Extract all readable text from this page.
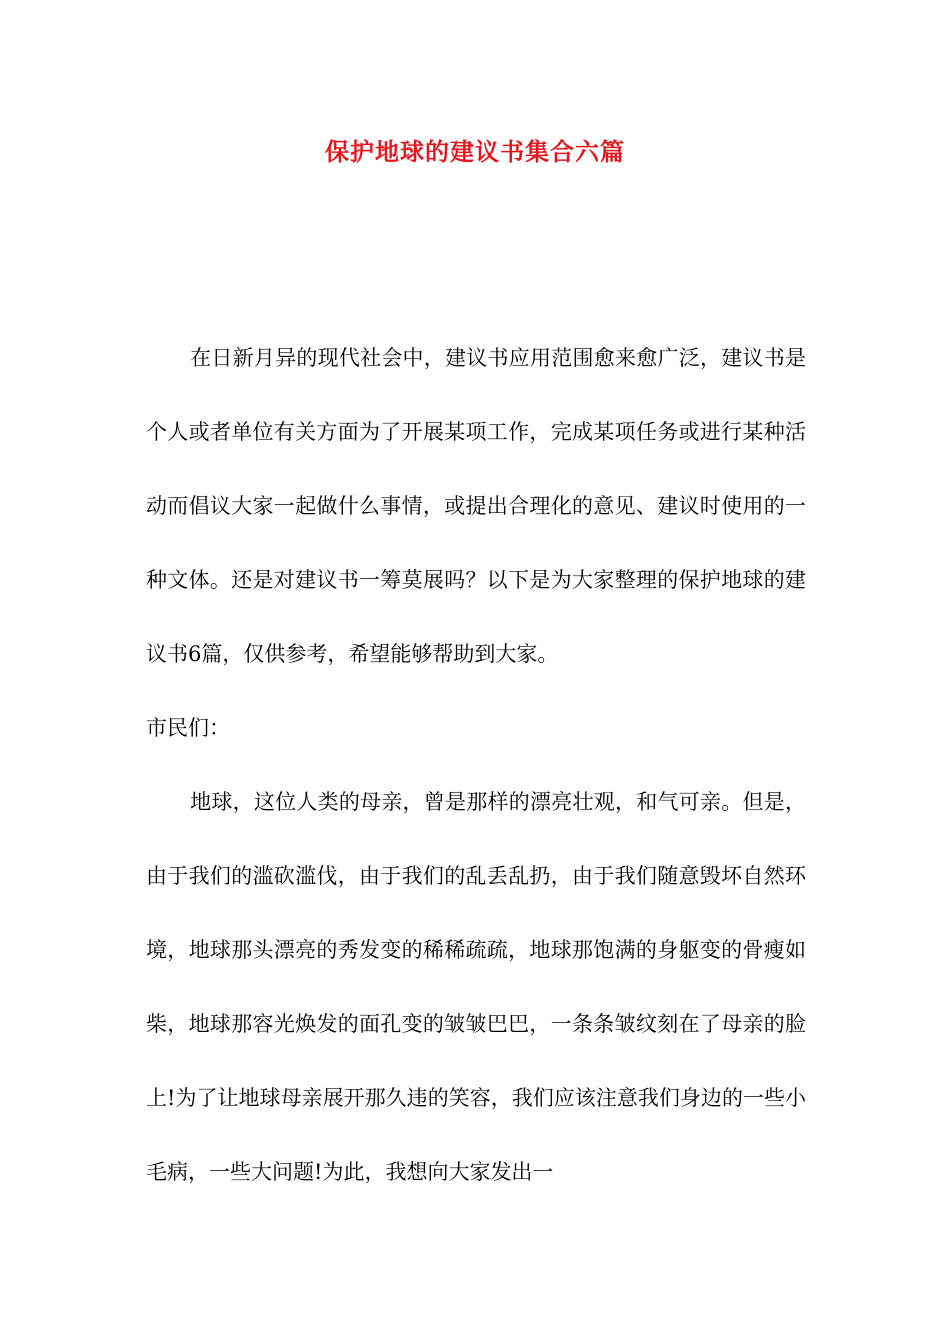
保护地球的建议书集合六篇

在日新月异的现代社会中，建议书应用范围愈来愈广泛，建议书是个人或者单位有关方面为了开展某项工作，完成某项任务或进行某种活动而倡议大家一起做什么事情，或提出合理化的意见、建议时使用的一种文体。还是对建议书一筹莫展吗？以下是为大家整理的保护地球的建议书6篇，仅供参考，希望能够帮助到大家。

市民们：

地球，这位人类的母亲，曾是那样的漂亮壮观，和气可亲。但是，由于我们的滥砍滥伐，由于我们的乱丢乱扔，由于我们随意毁坏自然环境，地球那头漂亮的秀发变的稀稀疏疏，地球那饱满的身躯变的骨瘦如柴，地球那容光焕发的面孔变的皱皱巴巴，一条条皱纹刻在了母亲的脸上!为了让地球母亲展开那久违的笑容，我们应该注意我们身边的一些小毛病，一些大问题!为此，我想向大家发出一
